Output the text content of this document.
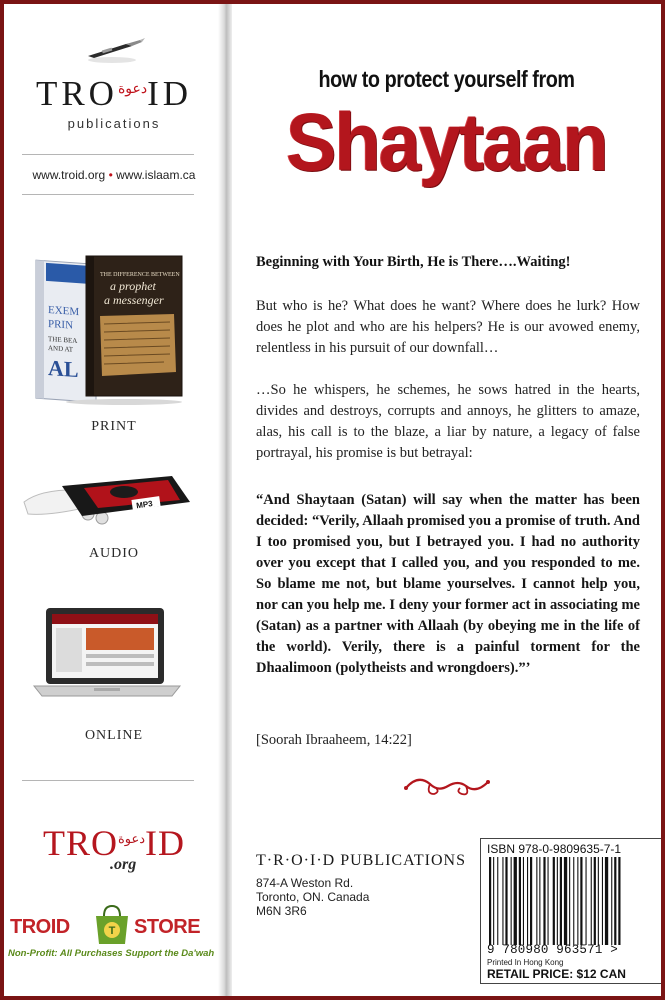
$TRO^{دعوة}ID$
publications
www.troid.org • www.islaam.ca
EXEM
PRIN
THE BEA
AND AT
AL
THE DIFFERENCE BETWEEN
a prophet
a messenger
PRINT
MP3
AUDIO
ONLINE
$TRO^{دعوة}ID$
.org
TROID	T STORE
Non-Profit: All Purchases Support the Da'wah
how to protect yourself from
Shaytaan
Beginning with Your Birth, He is There….Waiting!
But who is he? What does he want? Where does he lurk? How does he plot and who are his helpers? He is our avowed enemy, relentless in his pursuit of our downfall…
…So he whispers, he schemes, he sows hatred in the hearts, divides and destroys, corrupts and annoys, he glitters to amaze, alas, his call is to the blaze, a liar by nature, a legacy of false portrayal, his promise is but betrayal:
“And Shaytaan (Satan) will say when the matter has been decided: “Verily, Allaah promised you a promise of truth. And I too promised you, but I betrayed you. I had no authority over you except that I called you, and you responded to me. So blame me not, but blame yourselves. I cannot help you, nor can you help me. I deny your former act in associating me (Satan) as a partner with Allaah (by obeying me in the life of the world). Verily, there is a painful torment for the Dhaalimoon (polytheists and wrongdoers).”’
[Soorah Ibraaheem, 14:22]
T·R·O·I·D PUBLICATIONS
874-A Weston Rd.
Toronto, ON. Canada
M6N 3R6
ISBN 978-0-9809635-7-1
9 780980 963571 >
Printed In Hong Kong
RETAIL PRICE: $12 CAN
